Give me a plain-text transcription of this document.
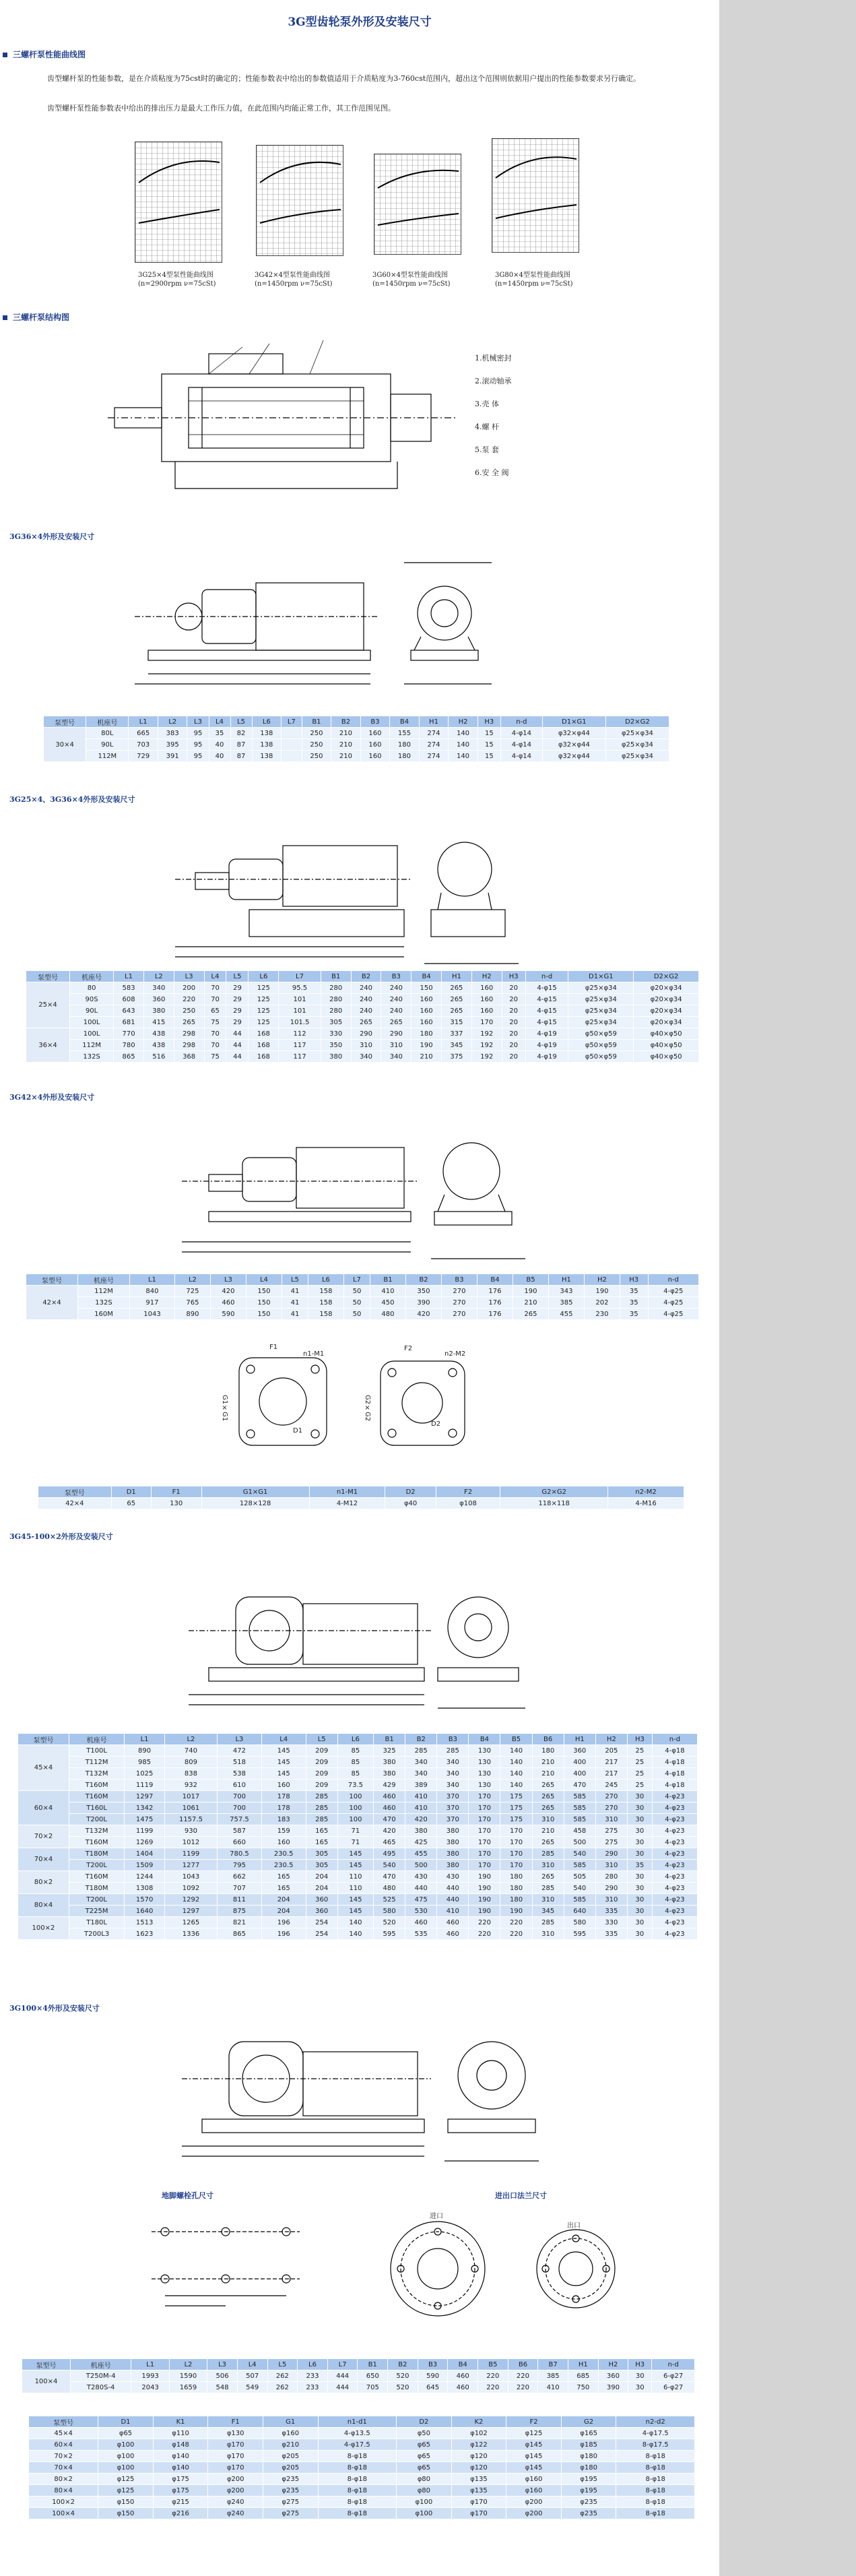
3G型齿轮泵外形及安装尺寸
三螺杆泵性能曲线图
齿型螺杆泵的性能参数，是在介质粘度为75cst时的确定的；性能参数表中给出的参数值适用于介质粘度为3-760cst范围内，超出这个范围则依据用户提出的性能参数要求另行确定。
齿型螺杆泵性能参数表中给出的排出压力是最大工作压力值，在此范围内均能正常工作，其工作范围见图。
3G25×4型泵性能曲线图
(n=2900rpm ν=75cSt)
3G42×4型泵性能曲线图
(n=1450rpm ν=75cSt)
3G60×4型泵性能曲线图
(n=1450rpm ν=75cSt)
3G80×4型泵性能曲线图
(n=1450rpm ν=75cSt)
三螺杆泵结构图
1.机械密封
2.滚动轴承
3.壳 体
4.螺 杆
5.泵 套
6.安 全 阀
3G36×4外形及安装尺寸
泵型号	机座号	L1	L2	L3	L4	L5	L6	L7	B1	B2	B3	B4	H1	H2	H3	n-d	D1×G1	D2×G2
30×4	80L	665	383	95	35	82	138		250	210	160	155	274	140	15	4-φ14	φ32×φ44	φ25×φ34
	90L	703	395	95	40	87	138		250	210	160	180	274	140	15	4-φ14	φ32×φ44	φ25×φ34
	112M	729	391	95	40	87	138		250	210	160	180	274	140	15	4-φ14	φ32×φ44	φ25×φ34
3G25×4、3G36×4外形及安装尺寸
泵型号	机座号	L1	L2	L3	L4	L5	L6	L7	B1	B2	B3	B4	H1	H2	H3	n-d	D1×G1	D2×G2
25×4	80	583	340	200	70	29	125	95.5	280	240	240	150	265	160	20	4-φ15	φ25×φ34	φ20×φ34
	90S	608	360	220	70	29	125	101	280	240	240	160	265	160	20	4-φ15	φ25×φ34	φ20×φ34
	90L	643	380	250	65	29	125	101	280	240	240	160	265	160	20	4-φ15	φ25×φ34	φ20×φ34
	100L	681	415	265	75	29	125	101.5	305	265	265	160	315	170	20	4-φ15	φ25×φ34	φ20×φ34
36×4	100L	770	438	298	70	44	168	112	330	290	290	180	337	192	20	4-φ19	φ50×φ59	φ40×φ50
	112M	780	438	298	70	44	168	117	350	310	310	190	345	192	20	4-φ19	φ50×φ59	φ40×φ50
	132S	865	516	368	75	44	168	117	380	340	340	210	375	192	20	4-φ19	φ50×φ59	φ40×φ50
3G42×4外形及安装尺寸
泵型号	机座号	L1	L2	L3	L4	L5	L6	L7	B1	B2	B3	B4	B5	H1	H2	H3	n-d
42×4	112M	840	725	420	150	41	158	50	410	350	270	176	190	343	190	35	4-φ25
	132S	917	765	460	150	41	158	50	450	390	270	176	210	385	202	35	4-φ25
	160M	1043	890	590	150	41	158	50	480	420	270	176	265	455	230	35	4-φ25
F1
n1-M1
D1
G1×G1
F2
n2-M2
D2
G2×G2
泵型号	D1	F1	G1×G1	n1-M1	D2	F2	G2×G2	n2-M2
42×4	65	130	128×128	4-M12	φ40	φ108	118×118	4-M16
3G45-100×2外形及安装尺寸
泵型号	机座号	L1	L2	L3	L4	L5	L6	B1	B2	B3	B4	B5	B6	H1	H2	H3	n-d
45×4	T100L	890	740	472	145	209	85	325	285	285	130	140	180	360	205	25	4-φ18
	T112M	985	809	518	145	209	85	380	340	340	130	140	210	400	217	25	4-φ18
	T132M	1025	838	538	145	209	85	380	340	340	130	140	210	400	217	25	4-φ18
	T160M	1119	932	610	160	209	73.5	429	389	340	130	140	265	470	245	25	4-φ18
60×4	T160M	1297	1017	700	178	285	100	460	410	370	170	175	265	585	270	30	4-φ23
	T160L	1342	1061	700	178	285	100	460	410	370	170	175	265	585	270	30	4-φ23
	T200L	1475	1157.5	757.5	183	285	100	470	420	370	170	175	310	585	310	30	4-φ23
70×2	T132M	1199	930	587	159	165	71	420	380	380	170	170	210	458	275	30	4-φ23
	T160M	1269	1012	660	160	165	71	465	425	380	170	170	265	500	275	30	4-φ23
70×4	T180M	1404	1199	780.5	230.5	305	145	495	455	380	170	170	285	540	290	30	4-φ23
	T200L	1509	1277	795	230.5	305	145	540	500	380	170	170	310	585	310	35	4-φ23
80×2	T160M	1244	1043	662	165	204	110	470	430	430	190	180	265	505	280	30	4-φ23
	T180M	1308	1092	707	165	204	110	480	440	440	190	180	285	540	290	30	4-φ23
80×4	T200L	1570	1292	811	204	360	145	525	475	440	190	180	310	585	310	30	4-φ23
	T225M	1640	1297	875	204	360	145	580	530	410	190	190	345	640	335	30	4-φ23
100×2	T180L	1513	1265	821	196	254	140	520	460	460	220	220	285	580	330	30	4-φ23
	T200L3	1623	1336	865	196	254	140	595	535	460	220	220	310	595	335	30	4-φ23
3G100×4外形及安装尺寸
地脚螺栓孔尺寸	进出口法兰尺寸
进口
出口
泵型号	机座号	L1	L2	L3	L4	L5	L6	L7	B1	B2	B3	B4	B5	B6	B7	H1	H2	H3	n-d
100×4	T250M-4	1993	1590	506	507	262	233	444	650	520	590	460	220	220	385	685	360	30	6-φ27
	T280S-4	2043	1659	548	549	262	233	444	705	520	645	460	220	220	410	750	390	30	6-φ27
泵型号	D1	K1	F1	G1	n1-d1	D2	K2	F2	G2	n2-d2
45×4	φ65	φ110	φ130	φ160	4-φ13.5	φ50	φ102	φ125	φ165	4-φ17.5
60×4	φ100	φ148	φ170	φ210	4-φ17.5	φ65	φ122	φ145	φ185	8-φ17.5
70×2	φ100	φ140	φ170	φ205	8-φ18	φ65	φ120	φ145	φ180	8-φ18
70×4	φ100	φ140	φ170	φ205	8-φ18	φ65	φ120	φ145	φ180	8-φ18
80×2	φ125	φ175	φ200	φ235	8-φ18	φ80	φ135	φ160	φ195	8-φ18
80×4	φ125	φ175	φ200	φ235	8-φ18	φ80	φ135	φ160	φ195	8-φ18
100×2	φ150	φ215	φ240	φ275	8-φ18	φ100	φ170	φ200	φ235	8-φ18
100×4	φ150	φ216	φ240	φ275	8-φ18	φ100	φ170	φ200	φ235	8-φ18
